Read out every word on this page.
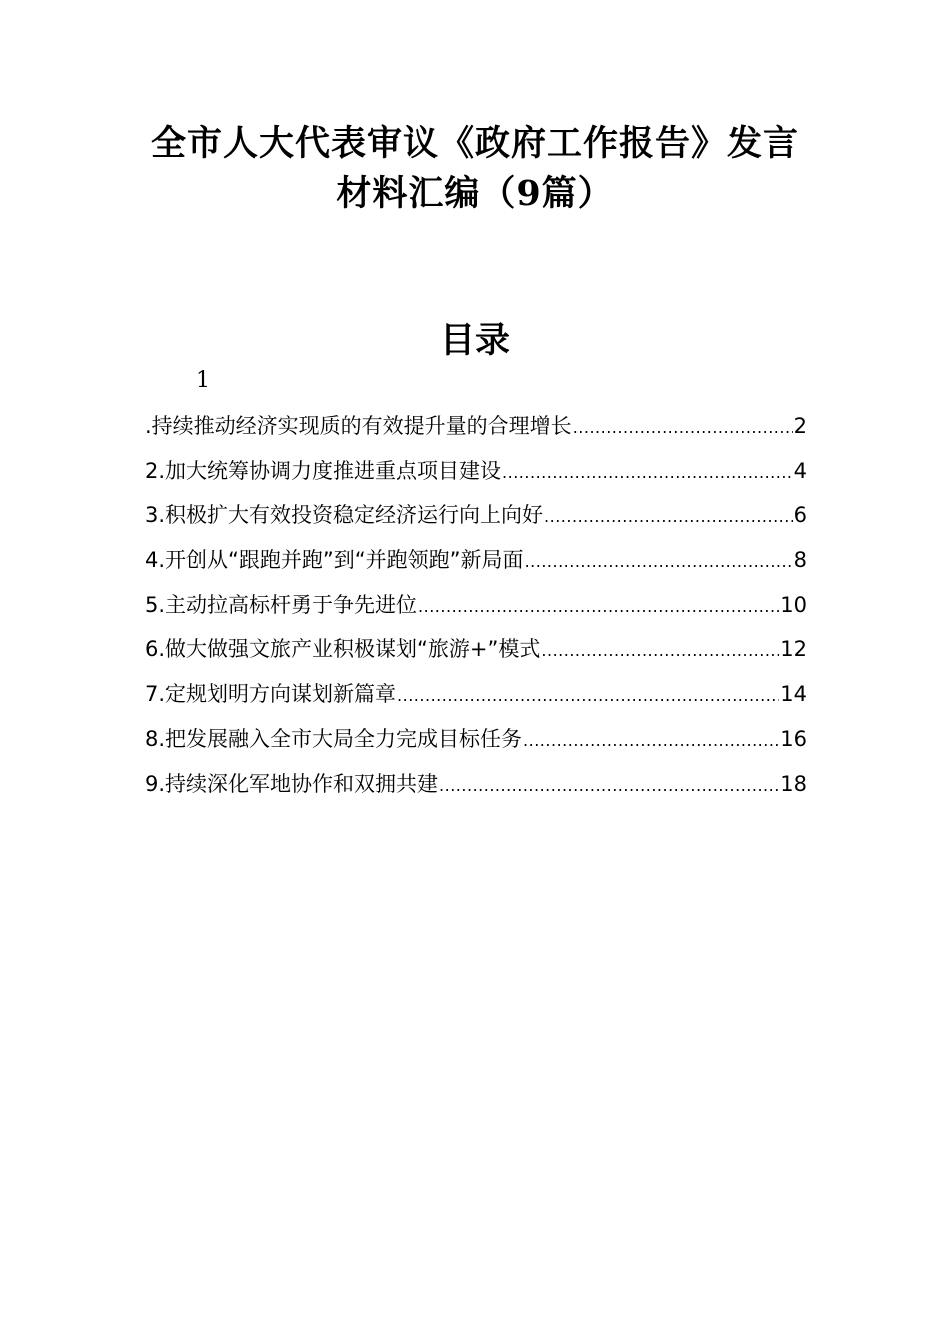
全市人大代表审议《政府工作报告》发言
材料汇编（9篇）
目录
1
.持续推动经济实现质的有效提升量的合理增长 .....	2
2.加大统筹协调力度推进重点项目建设 .....	4
3.积极扩大有效投资稳定经济运行向上向好 .....	6
4.开创从“跟跑并跑”到“并跑领跑”新局面 .....	8
5.主动拉高标杆勇于争先进位 .....	10
6.做大做强文旅产业积极谋划“旅游+”模式 .....	12
7.定规划明方向谋划新篇章 .....	14
8.把发展融入全市大局全力完成目标任务 .....	16
9.持续深化军地协作和双拥共建 .....	18
